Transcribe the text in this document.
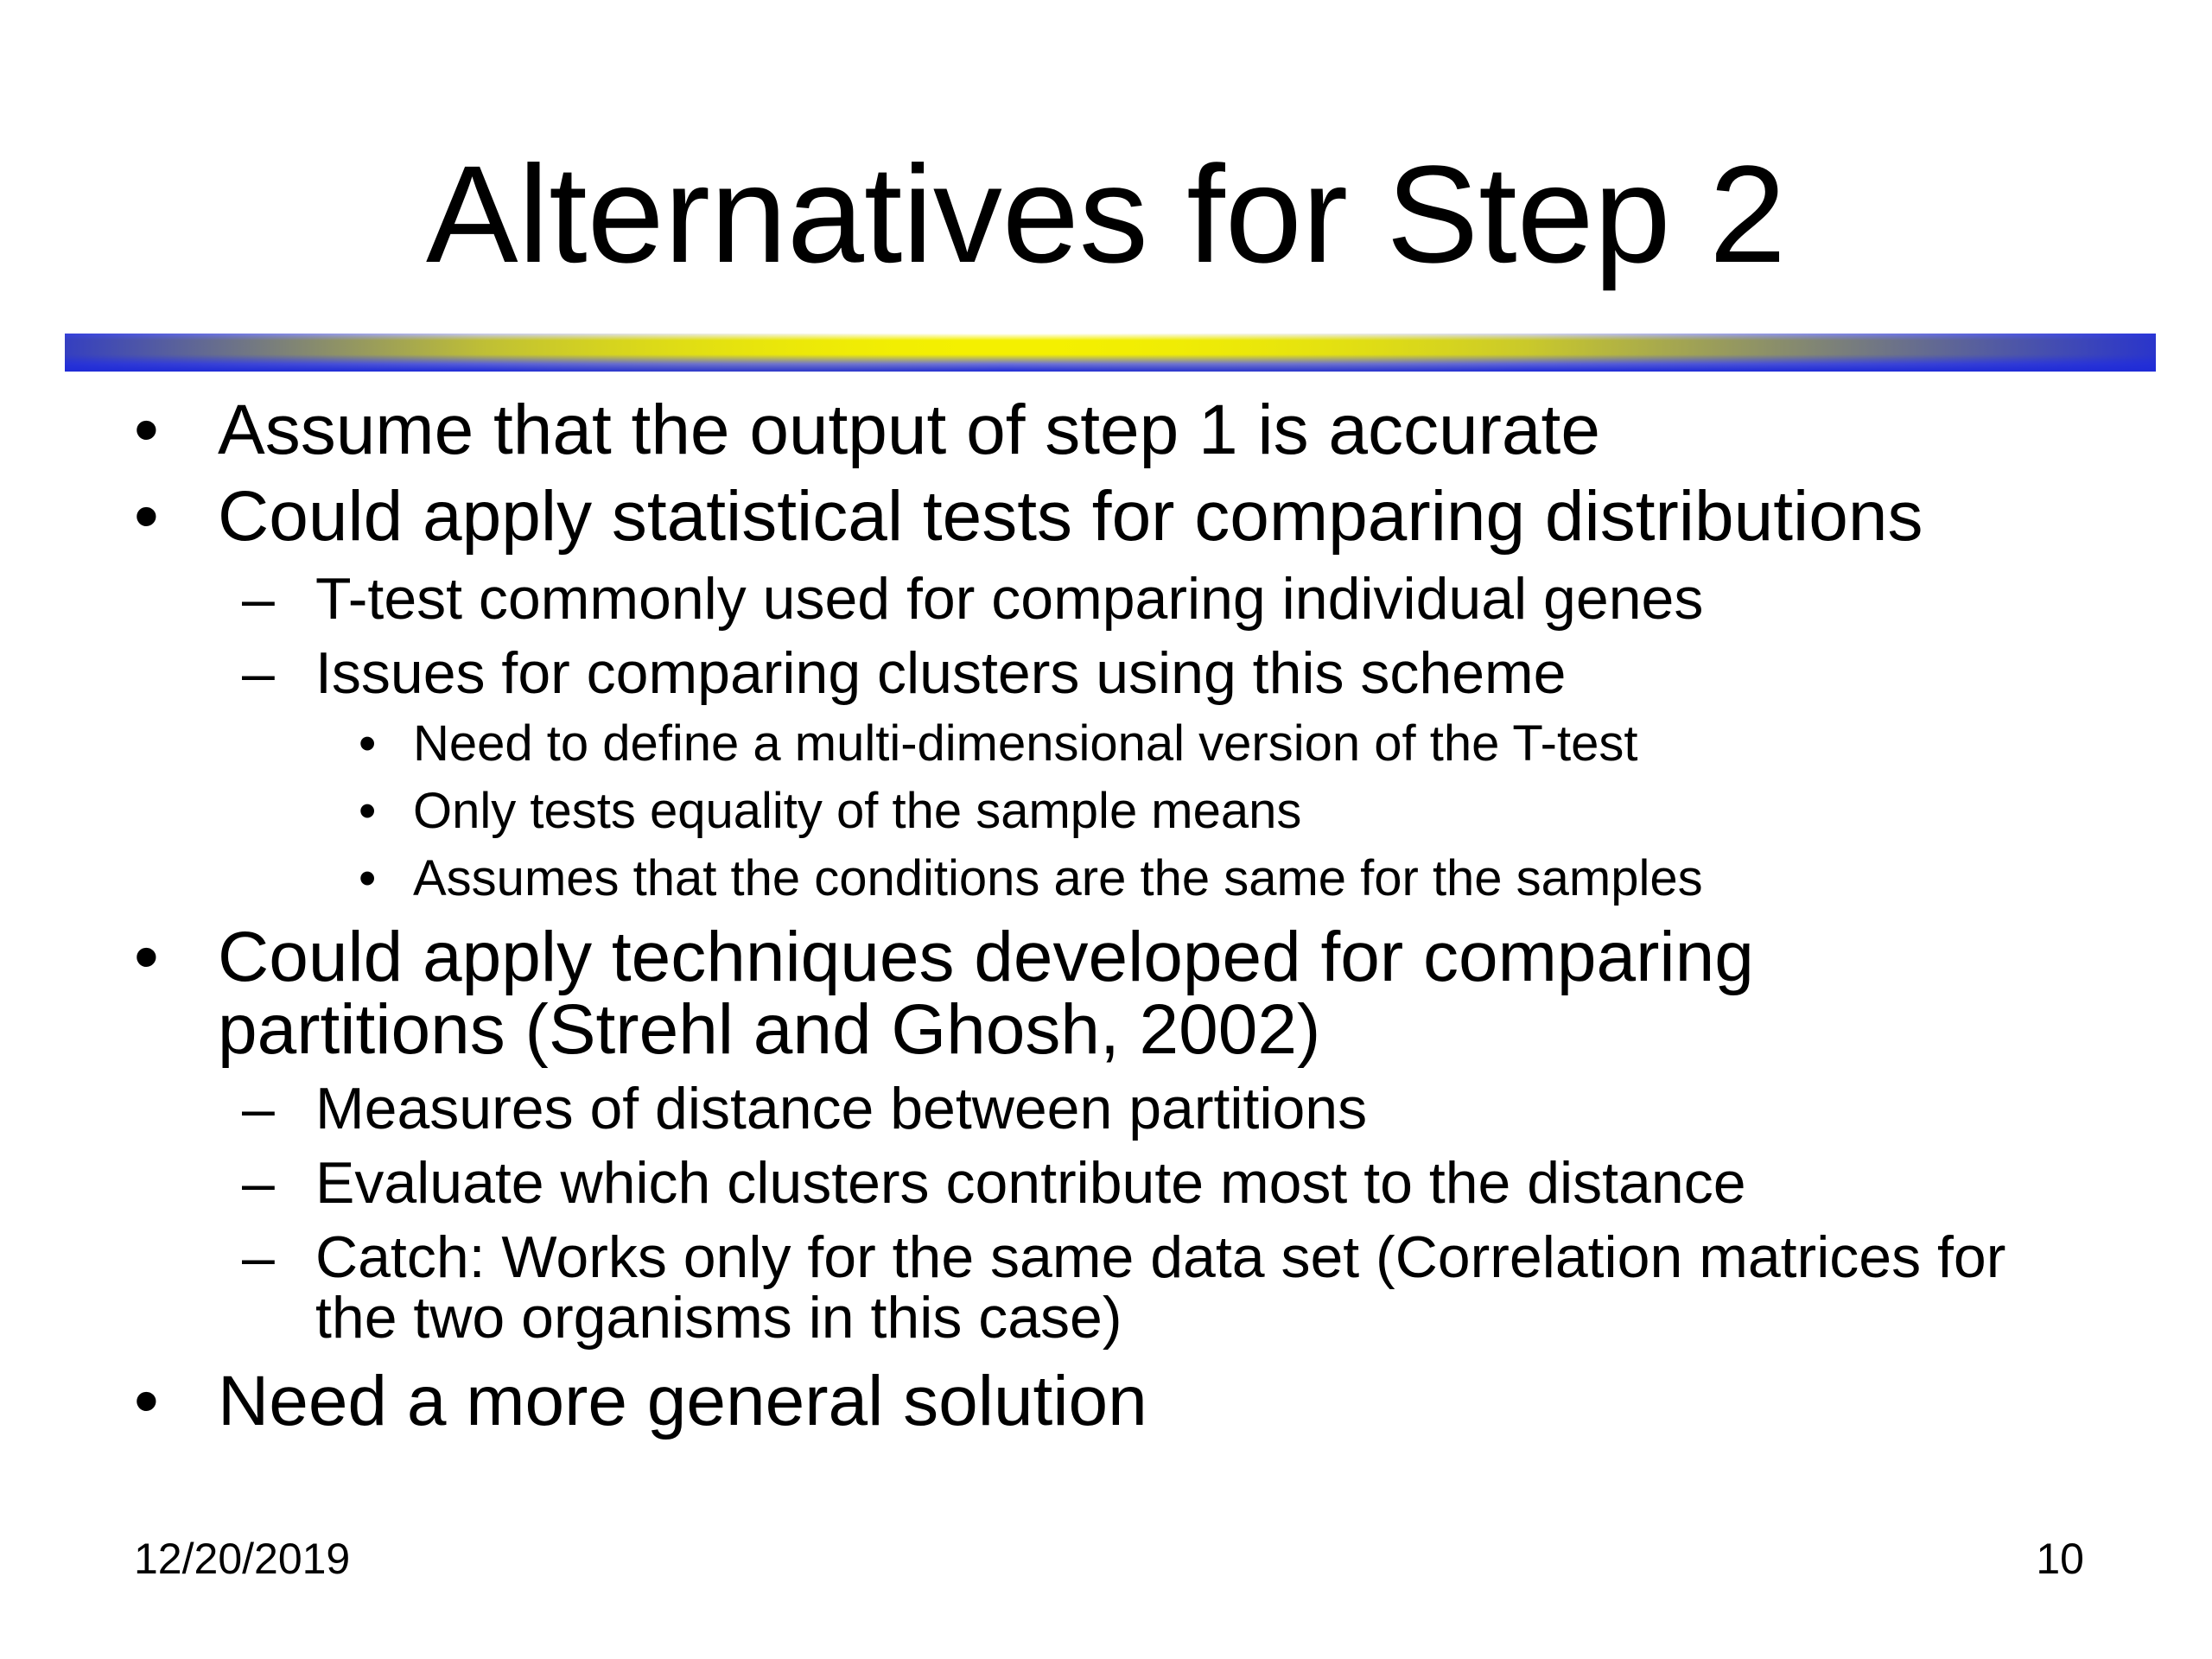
Alternatives for Step 2
• Assume that the output of step 1 is accurate
• Could apply statistical tests for comparing distributions
– T-test commonly used for comparing individual genes
– Issues for comparing clusters using this scheme
• Need to define a multi-dimensional version of the T-test
• Only tests equality of the sample means
• Assumes that the conditions are the same for the samples
• Could apply techniques developed for comparing
partitions (Strehl and Ghosh, 2002)
– Measures of distance between partitions
– Evaluate which clusters contribute most to the distance
– Catch: Works only for the same data set (Correlation matrices for
the two organisms in this case)
• Need a more general solution
12/20/2019	10
